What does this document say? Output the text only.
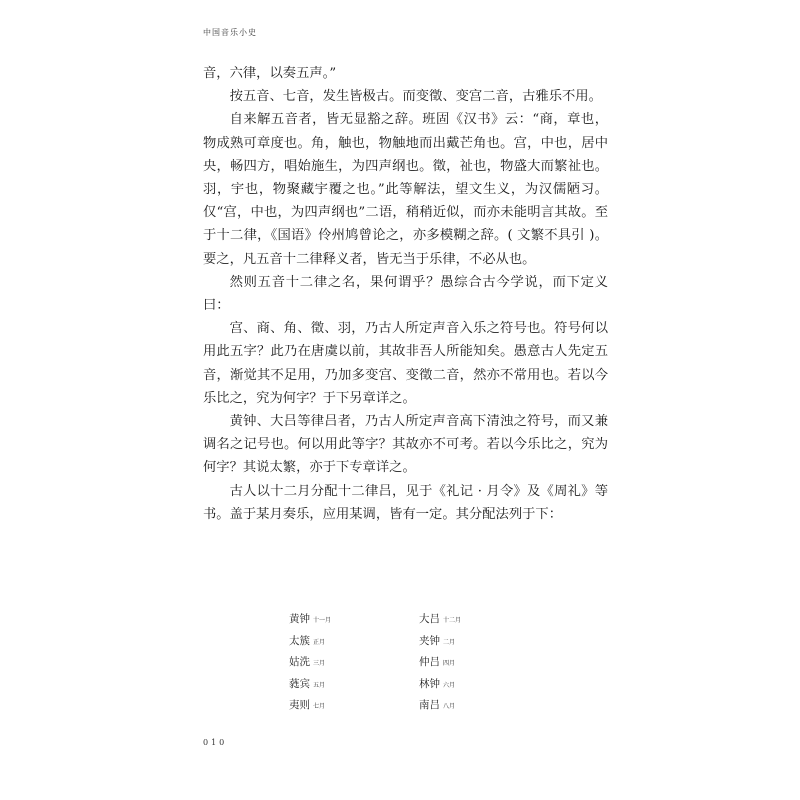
中国音乐小史

音，六律，以奏五声。”

按五音、七音，发生皆极古。而变徵、变宫二音，古雅乐不用。

自来解五音者，皆无显豁之辞。班固《汉书》云：“商，章也，物成熟可章度也。角，触也，物触地而出戴芒角也。宫，中也，居中央，畅四方，唱始施生，为四声纲也。徵，祉也，物盛大而繁祉也。羽，宇也，物聚藏宇覆之也。”此等解法，望文生义，为汉儒陋习。仅“宫，中也，为四声纲也”二语，稍稍近似，而亦未能明言其故。至于十二律，《国语》伶州鸠曾论之，亦多模糊之辞。( 文繁不具引 )。要之，凡五音十二律释义者，皆无当于乐律，不必从也。

然则五音十二律之名，果何谓乎？愚综合古今学说，而下定义曰：

宫、商、角、徵、羽，乃古人所定声音入乐之符号也。符号何以用此五字？此乃在唐虞以前，其故非吾人所能知矣。愚意古人先定五音，渐觉其不足用，乃加多变宫、变徵二音，然亦不常用也。若以今乐比之，究为何字？于下另章详之。

黄钟、大吕等律吕者，乃古人所定声音高下清浊之符号，而又兼调名之记号也。何以用此等字？其故亦不可考。若以今乐比之，究为何字？其说太繁，亦于下专章详之。

古人以十二月分配十二律吕，见于《礼记 · 月令》及《周礼》等书。盖于某月奏乐，应用某调，皆有一定。其分配法列于下：

黄钟 十一月	大吕 十二月
太簇 正月	夹钟 二月
姑洗 三月	仲吕 四月
蕤宾 五月	林钟 六月
夷则 七月	南吕 八月
010
